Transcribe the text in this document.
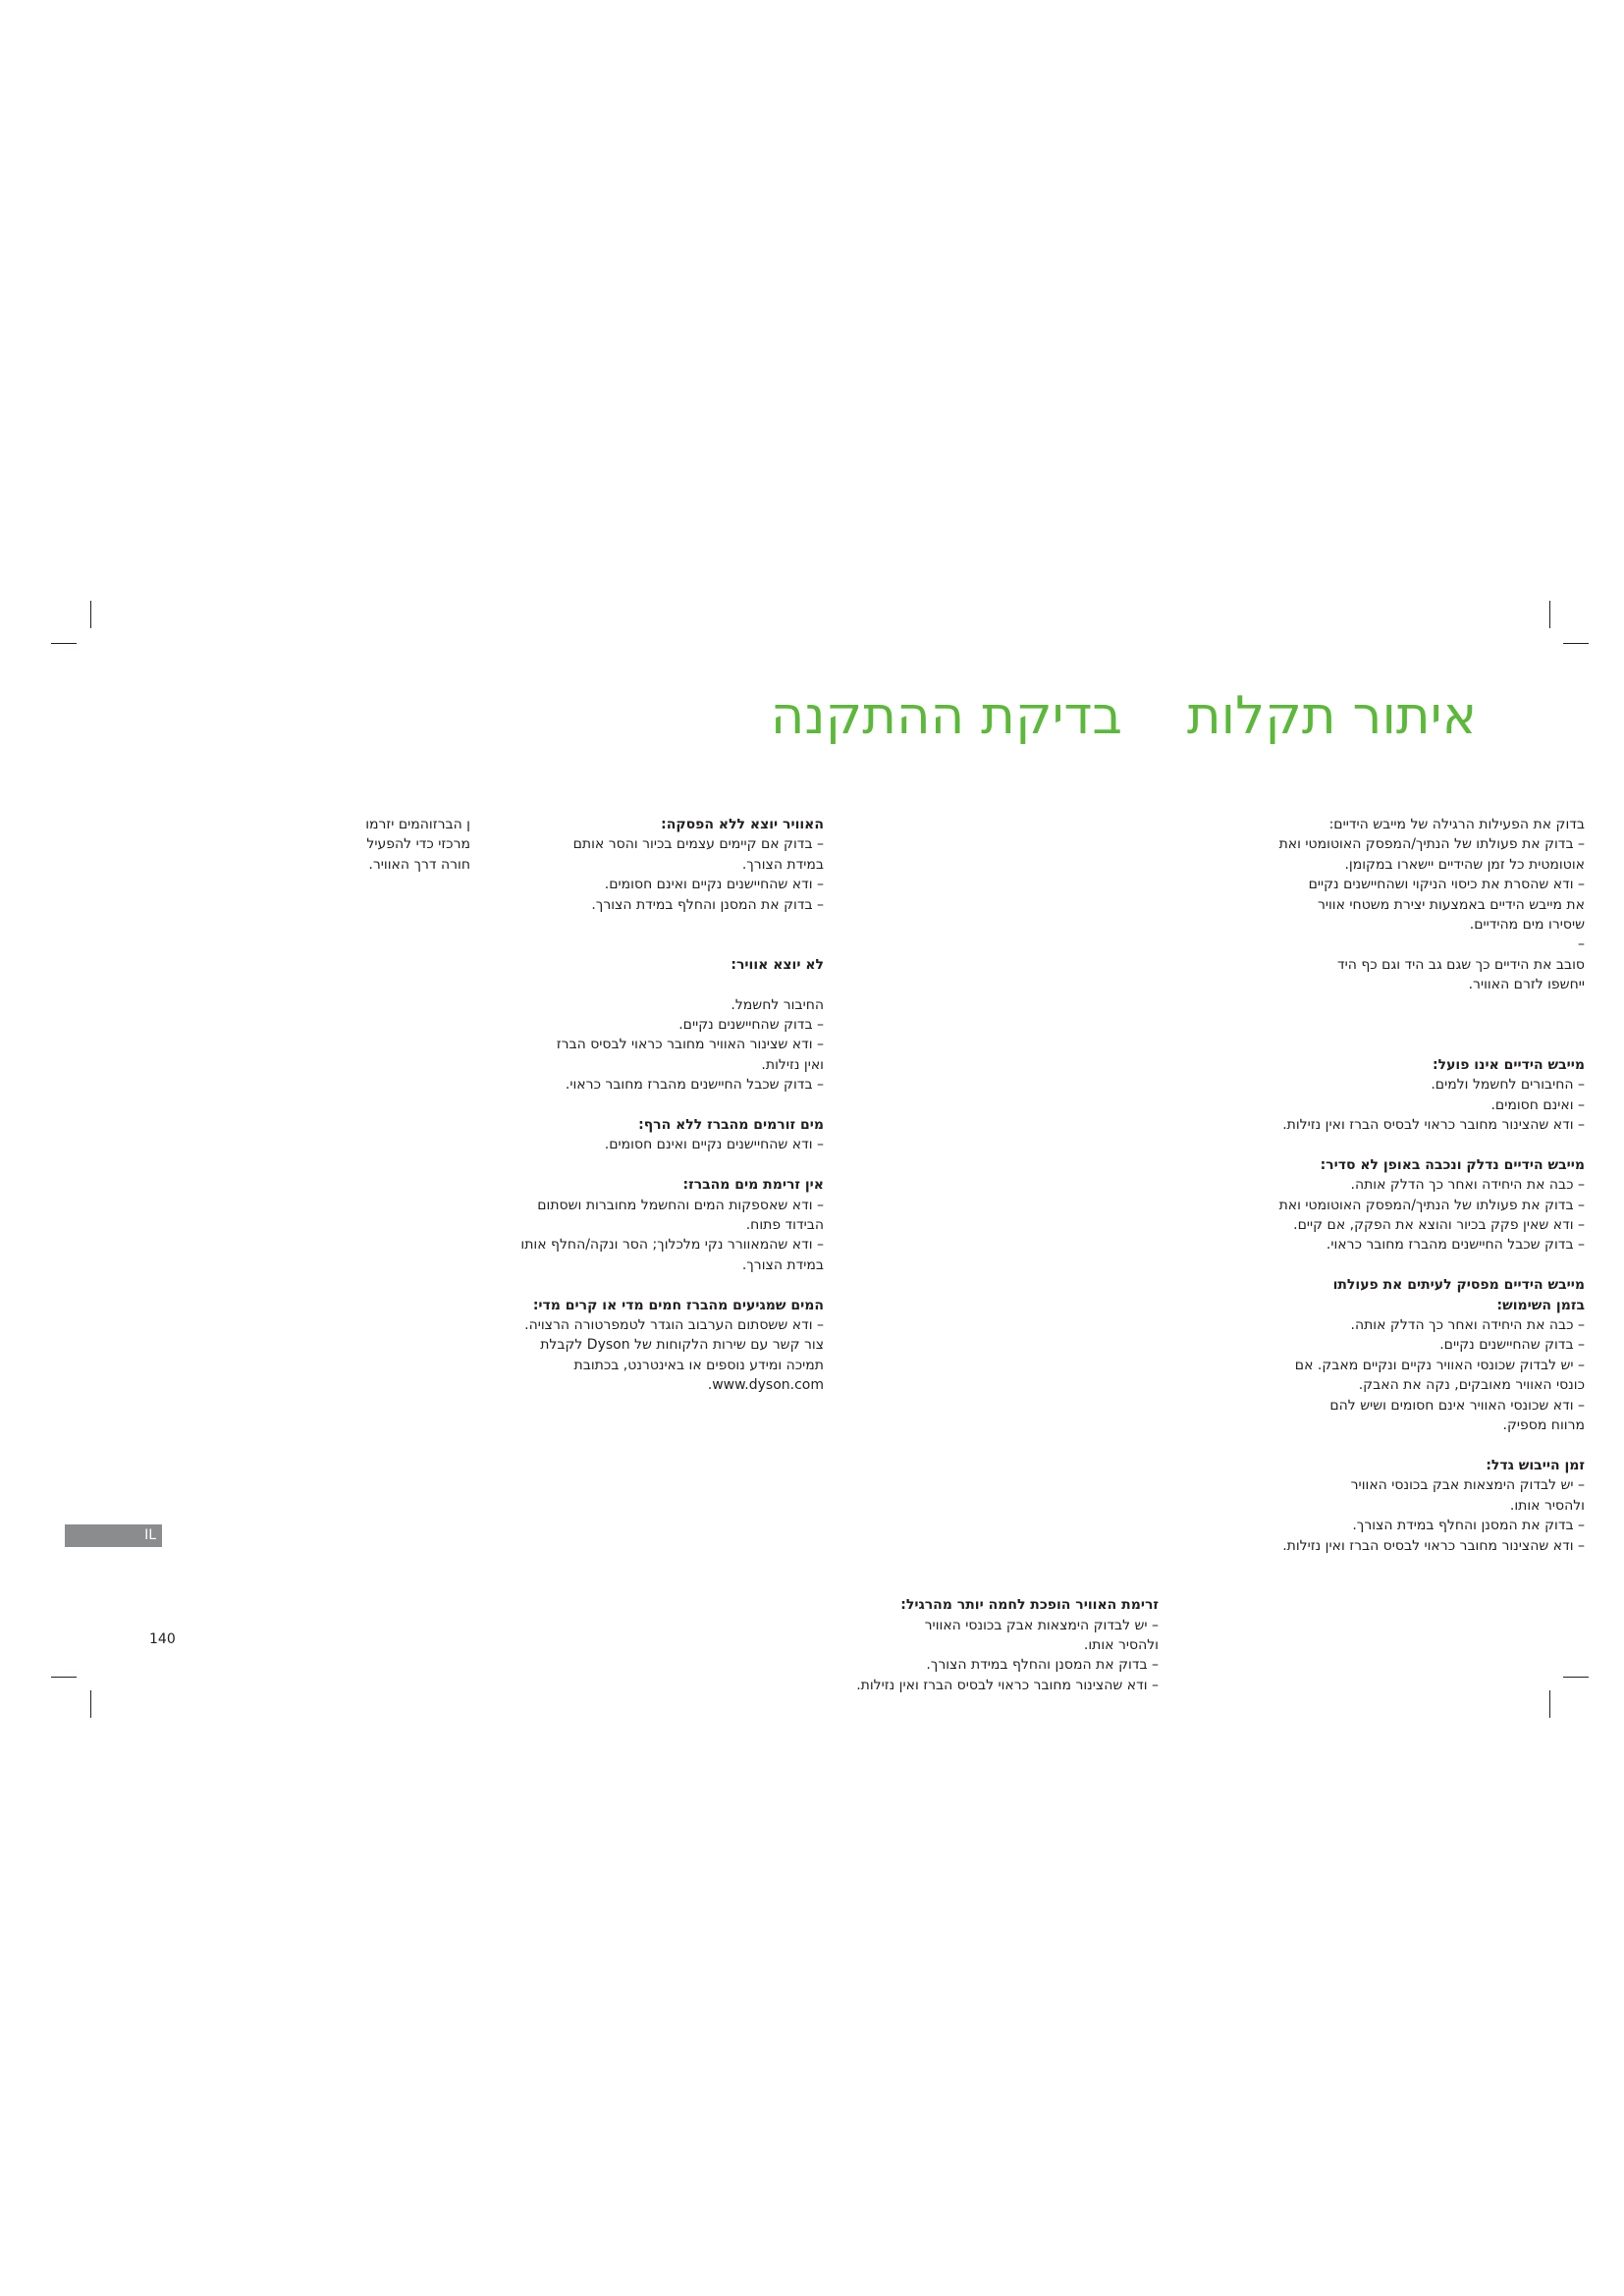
איתור תקלות
בדיקת ההתקנה

בדוק את הפעילות הרגילה של מייבש הידיים:

– בדוק את פעולתו של הנתיך/המפסק האוטומטי ואת

אוטומטית כל זמן שהידיים יישארו במקומן.

– ודא שהסרת את כיסוי הניקוי ושהחיישנים נקיים

את מייבש הידיים באמצעות יצירת משטחי אוויר

שיסירו מים מהידיים.

–

סובב את הידיים כך שגם גב היד וגם כף היד

ייחשפו לזרם האוויר.

מייבש הידיים אינו פועל:

– החיבורים לחשמל ולמים.

– ואינם חסומים.

– ודא שהצינור מחובר כראוי לבסיס הברז ואין נזילות.

מייבש הידיים נדלק ונכבה באופן לא סדיר:

– כבה את היחידה ואחר כך הדלק אותה.

– בדוק את פעולתו של הנתיך/המפסק האוטומטי ואת

– ודא שאין פקק בכיור והוצא את הפקק, אם קיים.

– בדוק שכבל החיישנים מהברז מחובר כראוי.

מייבש הידיים מפסיק לעיתים את פעולתו

בזמן השימוש:

– כבה את היחידה ואחר כך הדלק אותה.

– בדוק שהחיישנים נקיים.

– יש לבדוק שכונסי האוויר נקיים ונקיים מאבק. אם

כונסי האוויר מאובקים, נקה את האבק.

– ודא שכונסי האוויר אינם חסומים ושיש להם

מרווח מספיק.

זמן הייבוש גדל:

– יש לבדוק הימצאות אבק בכונסי האוויר

ולהסיר אותו.

– בדוק את המסנן והחלף במידת הצורך.

– ודא שהצינור מחובר כראוי לבסיס הברז ואין נזילות.

זרימת האוויר הופכת לחמה יותר מהרגיל:

– יש לבדוק הימצאות אבק בכונסי האוויר

ולהסיר אותו.

– בדוק את המסנן והחלף במידת הצורך.

– ודא שהצינור מחובר כראוי לבסיס הברז ואין נזילות.

האוויר יוצא ללא הפסקה:

– בדוק אם קיימים עצמים בכיור והסר אותם

במידת הצורך.

– ודא שהחיישנים נקיים ואינם חסומים.

– בדוק את המסנן והחלף במידת הצורך.

לא יוצא אוויר:

החיבור לחשמל.

– בדוק שהחיישנים נקיים.

– ודא שצינור האוויר מחובר כראוי לבסיס הברז

ואין נזילות.

– בדוק שכבל החיישנים מהברז מחובר כראוי.

מים זורמים מהברז ללא הרף:

– ודא שהחיישנים נקיים ואינם חסומים.

אין זרימת מים מהברז:

– ודא שאספקות המים והחשמל מחוברות ושסתום

הבידוד פתוח.

– ודא שהמאוורר נקי מלכלוך; הסר ונקה/החלף אותו

במידת הצורך.

המים שמגיעים מהברז חמים מדי או קרים מדי:

– ודא ששסתום הערבוב הוגדר לטמפרטורה הרצויה.

צור קשר עם שירות הלקוחות של Dyson לקבלת

תמיכה ומידע נוספים או באינטרנט, בכתובת

www.dyson.com.

ן הברזוהמים יזרמו

מרכזי כדי להפעיל

חורה דרך האוויר.

IL
140
